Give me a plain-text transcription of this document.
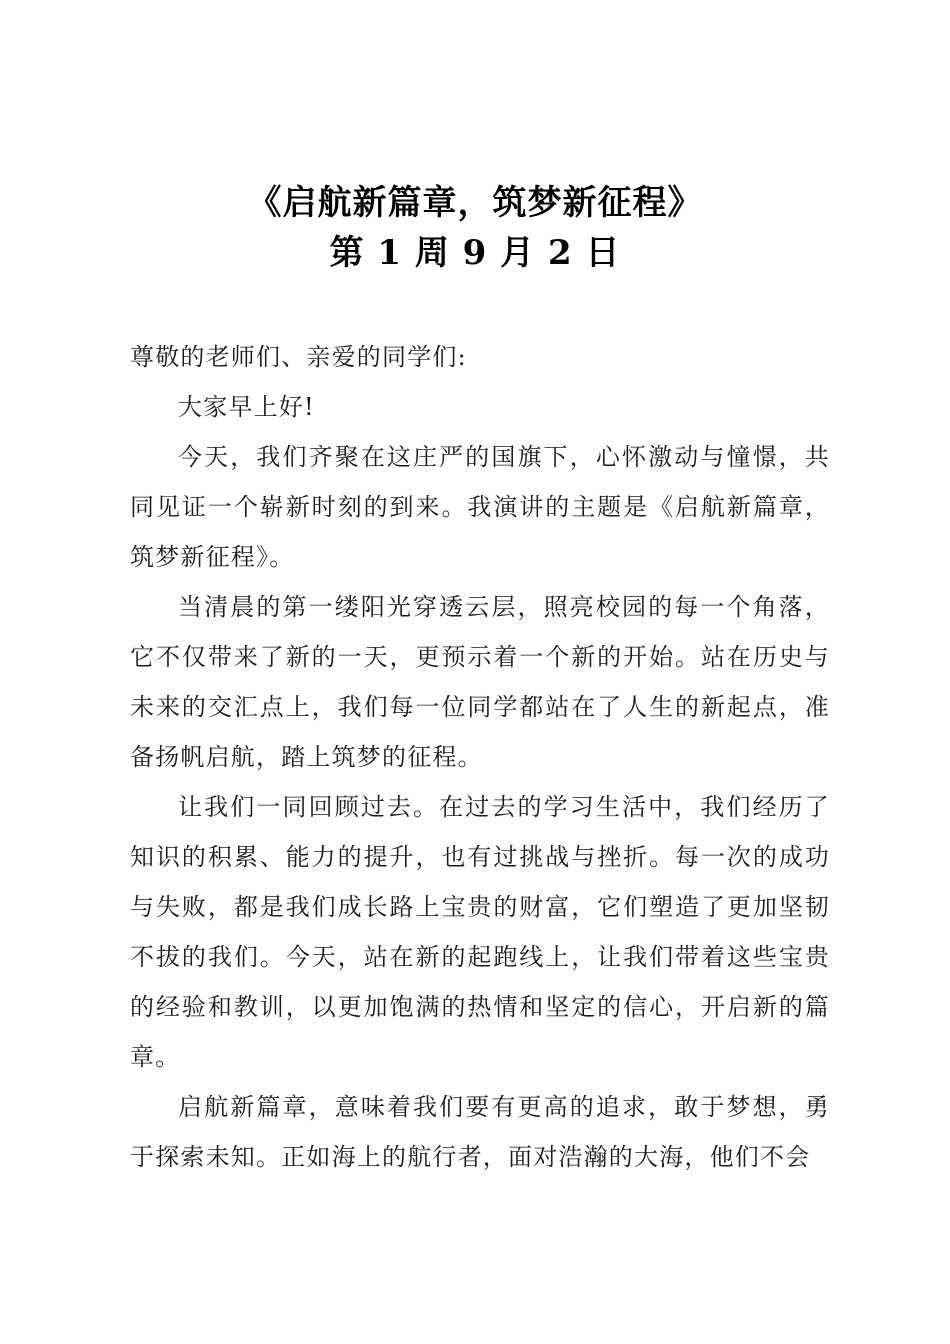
《启航新篇章，筑梦新征程》
第 1 周 9 月 2 日

尊敬的老师们、亲爱的同学们:

大家早上好!

今天，我们齐聚在这庄严的国旗下，心怀激动与憧憬，共同见证一个崭新时刻的到来。我演讲的主题是《启航新篇章，筑梦新征程》。

当清晨的第一缕阳光穿透云层，照亮校园的每一个角落，它不仅带来了新的一天，更预示着一个新的开始。站在历史与未来的交汇点上，我们每一位同学都站在了人生的新起点，准备扬帆启航，踏上筑梦的征程。

让我们一同回顾过去。在过去的学习生活中，我们经历了知识的积累、能力的提升，也有过挑战与挫折。每一次的成功与失败，都是我们成长路上宝贵的财富，它们塑造了更加坚韧不拔的我们。今天，站在新的起跑线上，让我们带着这些宝贵的经验和教训，以更加饱满的热情和坚定的信心，开启新的篇章。

启航新篇章，意味着我们要有更高的追求，敢于梦想，勇于探索未知。正如海上的航行者，面对浩瀚的大海，他们不会
